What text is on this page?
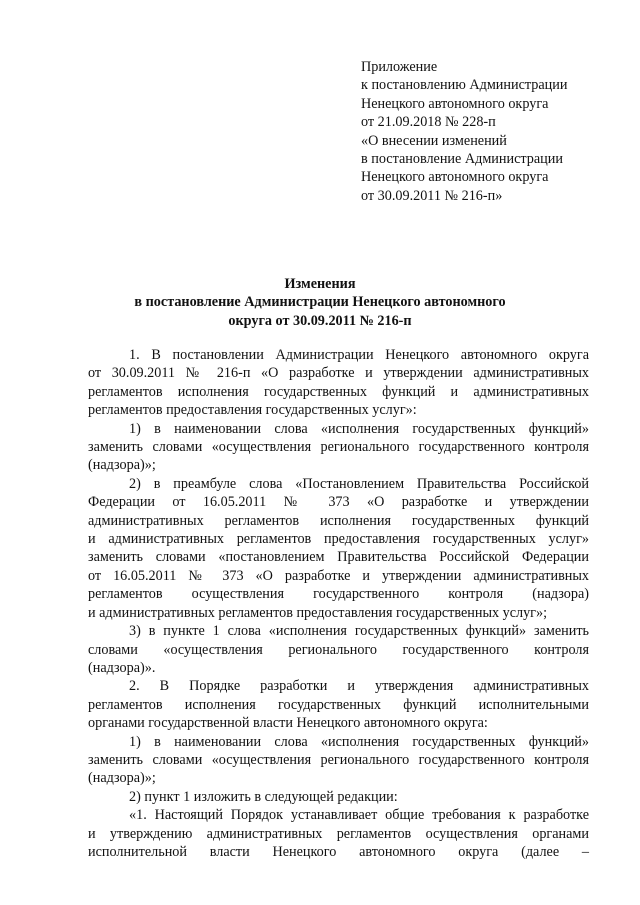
Приложение
к постановлению Администрации
Ненецкого автономного округа
от 21.09.2018 № 228-п
«О внесении изменений
в постановление Администрации
Ненецкого автономного округа
от 30.09.2011 № 216-п»
Изменения
в постановление Администрации Ненецкого автономного
округа от 30.09.2011 № 216-п
1. В постановлении Администрации Ненецкого автономного округа
от 30.09.2011 № 216-п «О разработке и утверждении административных
регламентов исполнения государственных функций и административных
регламентов предоставления государственных услуг»:
1) в наименовании слова «исполнения государственных функций»
заменить словами «осуществления регионального государственного контроля
(надзора)»;
2) в преамбуле слова «Постановлением Правительства Российской
Федерации от 16.05.2011 № 373 «О разработке и утверждении
административных регламентов исполнения государственных функций
и административных регламентов предоставления государственных услуг»
заменить словами «постановлением Правительства Российской Федерации
от 16.05.2011 № 373 «О разработке и утверждении административных
регламентов осуществления государственного контроля (надзора)
и административных регламентов предоставления государственных услуг»;
3) в пункте 1 слова «исполнения государственных функций» заменить
словами «осуществления регионального государственного контроля
(надзора)».
2. В Порядке разработки и утверждения административных
регламентов исполнения государственных функций исполнительными
органами государственной власти Ненецкого автономного округа:
1) в наименовании слова «исполнения государственных функций»
заменить словами «осуществления регионального государственного контроля
(надзора)»;
2) пункт 1 изложить в следующей редакции:
«1. Настоящий Порядок устанавливает общие требования к разработке
и утверждению административных регламентов осуществления органами
исполнительной власти Ненецкого автономного округа (далее –
